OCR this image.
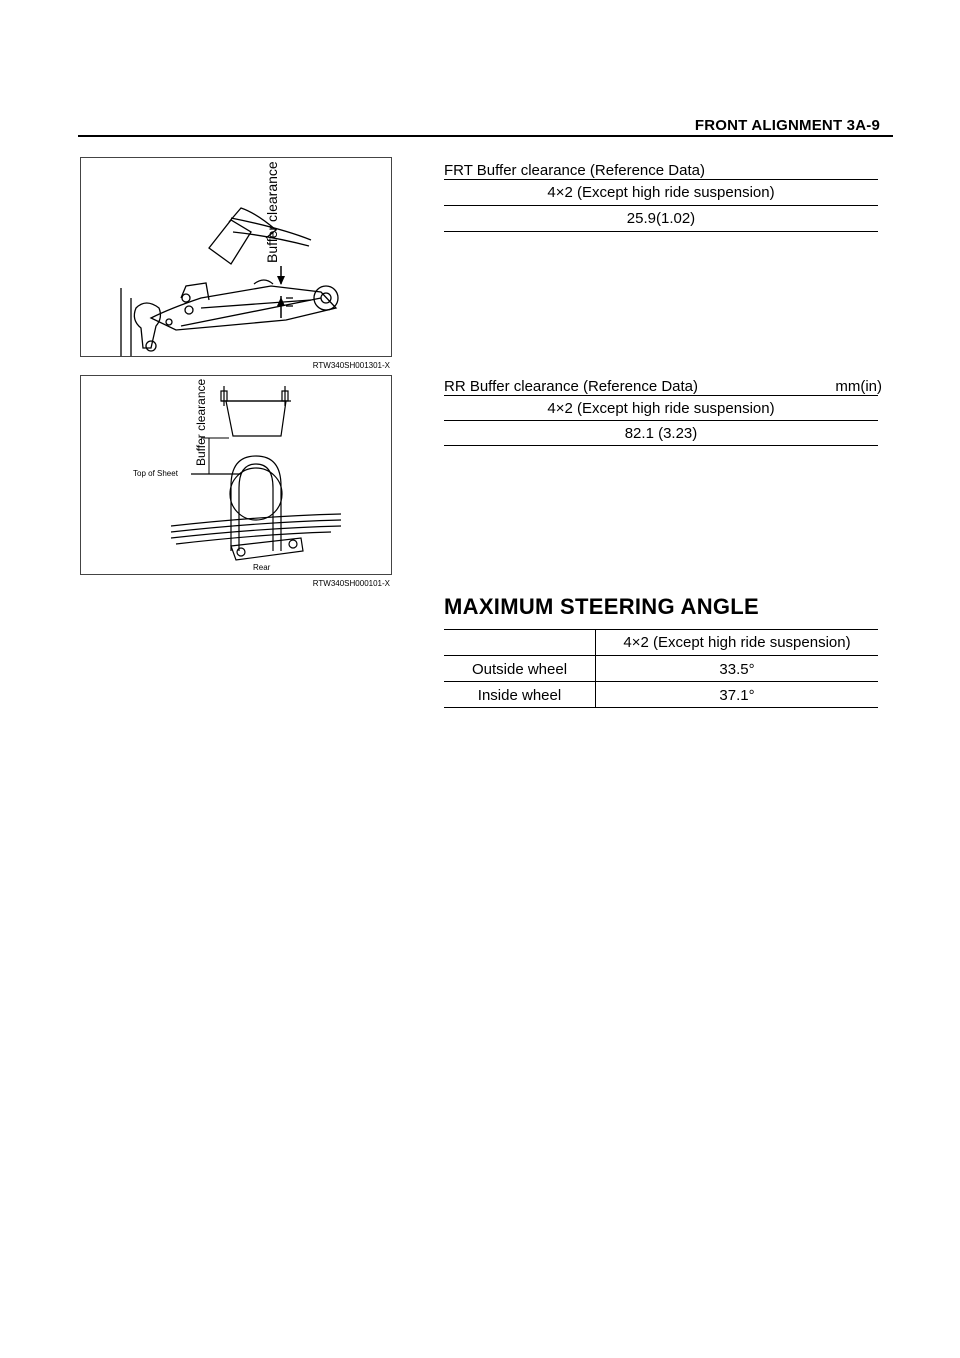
FRONT ALIGNMENT 3A-9
Buffer clearance
RTW340SH001301-X
Buffer clearance
Top of Sheet
Rear
RTW340SH000101-X
FRT Buffer clearance (Reference Data)
4×2 (Except high ride suspension)
25.9(1.02)
RR Buffer clearance (Reference Data)	mm(in)
4×2 (Except high ride suspension)
82.1 (3.23)
MAXIMUM STEERING ANGLE
4×2 (Except high ride suspension)
Outside wheel	33.5°
Inside wheel	37.1°
